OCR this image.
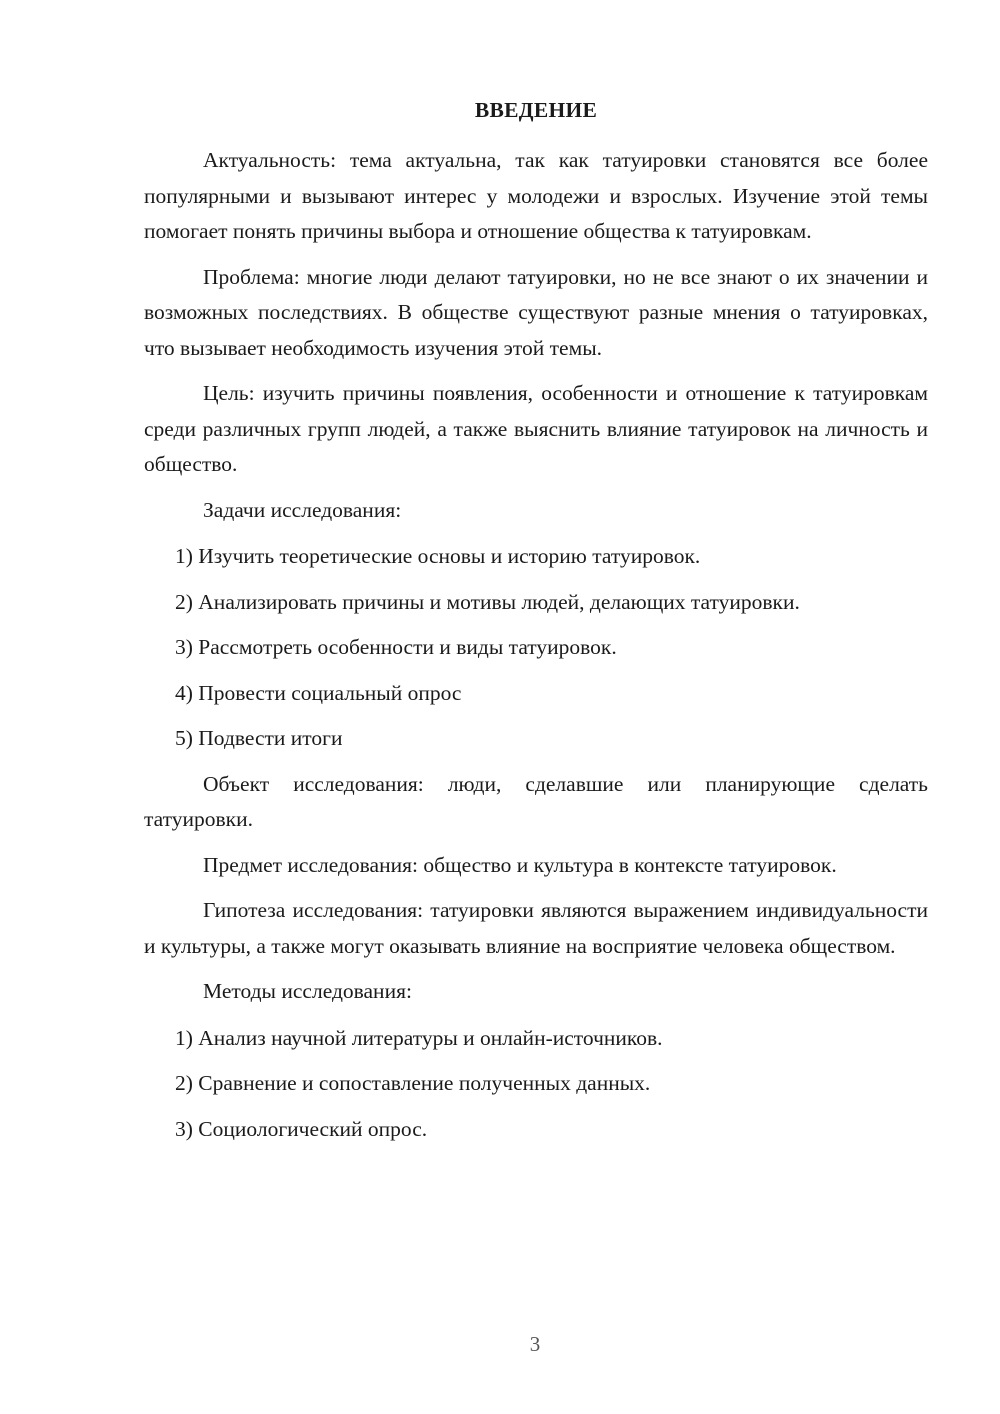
ВВЕДЕНИЕ

Актуальность: тема актуальна, так как татуировки становятся все более популярными и вызывают интерес у молодежи и взрослых. Изучение этой темы помогает понять причины выбора и отношение общества к татуировкам.

Проблема: многие люди делают татуировки, но не все знают о их значении и возможных последствиях. В обществе существуют разные мнения о татуировках, что вызывает необходимость изучения этой темы.

Цель: изучить причины появления, особенности и отношение к татуировкам среди различных групп людей, а также выяснить влияние татуировок на личность и общество.

Задачи исследования:

1) Изучить теоретические основы и историю татуировок.
2) Анализировать причины и мотивы людей, делающих татуировки.
3) Рассмотреть особенности и виды татуировок.
4) Провести социальный опрос
5) Подвести итоги

Объект исследования: люди, сделавшие или планирующие сделать татуировки.

Предмет исследования: общество и культура в контексте татуировок.

Гипотеза исследования: татуировки являются выражением индивидуальности и культуры, а также могут оказывать влияние на восприятие человека обществом.

Методы исследования:

1) Анализ научной литературы и онлайн-источников.
2) Сравнение и сопоставление полученных данных.
3) Социологический опрос.
3
